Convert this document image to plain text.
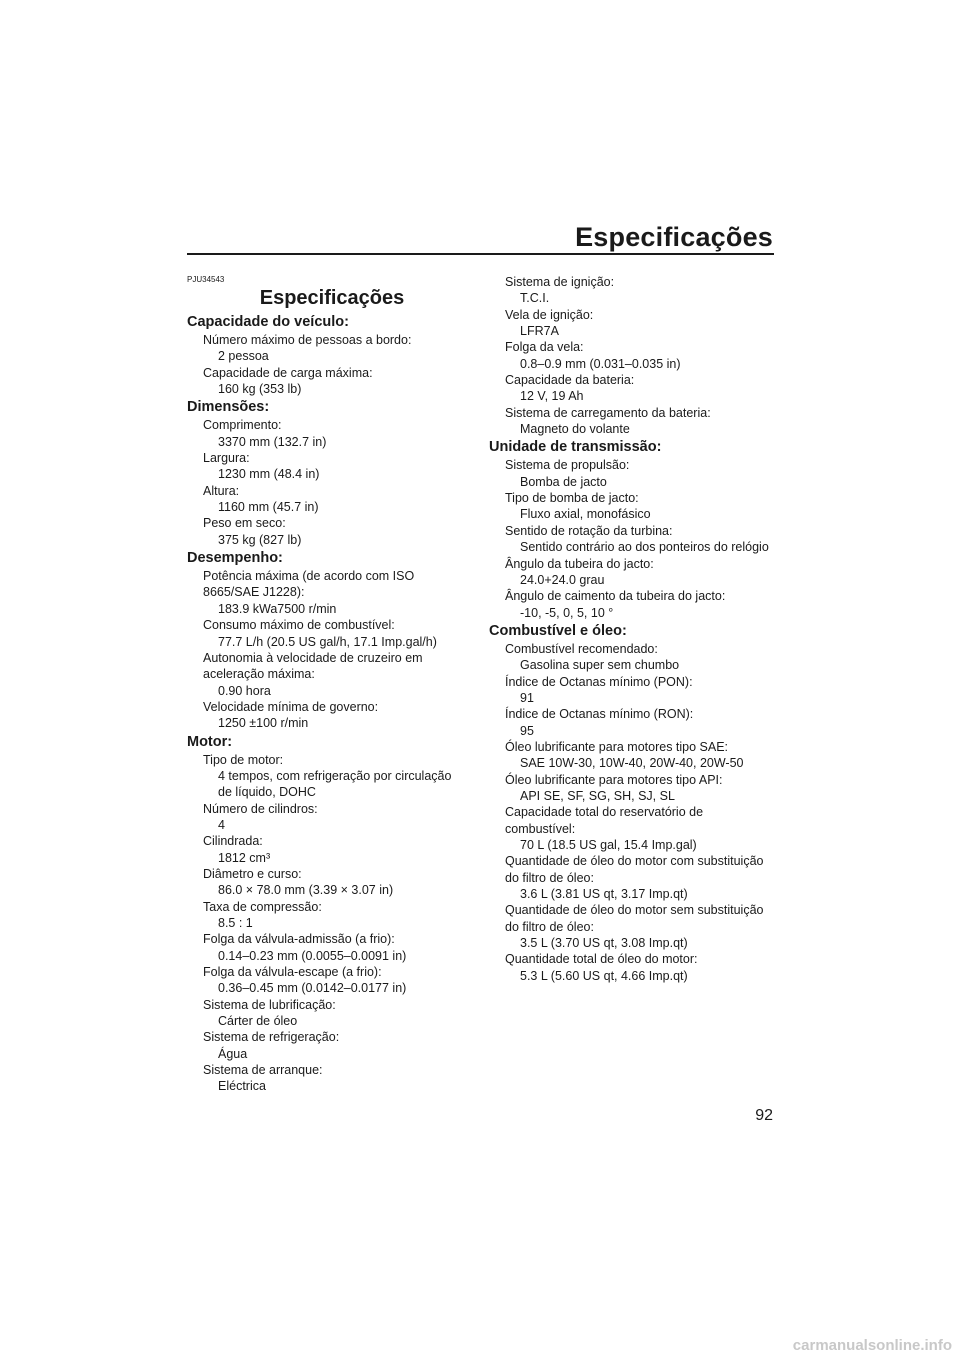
Especificações

PJU34543

Especificações
Capacidade do veículo:

Número máximo de pessoas a bordo:

2 pessoa

Capacidade de carga máxima:

160 kg (353 lb)

Dimensões:

Comprimento:

3370 mm (132.7 in)

Largura:

1230 mm (48.4 in)

Altura:

1160 mm (45.7 in)

Peso em seco:

375 kg (827 lb)

Desempenho:

Potência máxima (de acordo com ISO

8665/SAE J1228):

183.9 kWa7500 r/min

Consumo máximo de combustível:

77.7 L/h (20.5 US gal/h, 17.1 Imp.gal/h)

Autonomia à velocidade de cruzeiro em

aceleração máxima:

0.90 hora

Velocidade mínima de governo:

1250 ±100 r/min

Motor:

Tipo de motor:

4 tempos, com refrigeração por circulação

de líquido, DOHC

Número de cilindros:

4

Cilindrada:

1812 cm³

Diâmetro e curso:

86.0 × 78.0 mm (3.39 × 3.07 in)

Taxa de compressão:

8.5 : 1

Folga da válvula-admissão (a frio):

0.14–0.23 mm (0.0055–0.0091 in)

Folga da válvula-escape (a frio):

0.36–0.45 mm (0.0142–0.0177 in)

Sistema de lubrificação:

Cárter de óleo

Sistema de refrigeração:

Água

Sistema de arranque:

Eléctrica

Sistema de ignição:

T.C.I.

Vela de ignição:

LFR7A

Folga da vela:

0.8–0.9 mm (0.031–0.035 in)

Capacidade da bateria:

12 V, 19 Ah

Sistema de carregamento da bateria:

Magneto do volante

Unidade de transmissão:

Sistema de propulsão:

Bomba de jacto

Tipo de bomba de jacto:

Fluxo axial, monofásico

Sentido de rotação da turbina:

Sentido contrário ao dos ponteiros do relógio

Ângulo da tubeira do jacto:

24.0+24.0 grau

Ângulo de caimento da tubeira do jacto:

-10, -5, 0, 5, 10 °

Combustível e óleo:

Combustível recomendado:

Gasolina super sem chumbo

Índice de Octanas mínimo (PON):

91

Índice de Octanas mínimo (RON):

95

Óleo lubrificante para motores tipo SAE:

SAE 10W-30, 10W-40, 20W-40, 20W-50

Óleo lubrificante para motores tipo API:

API SE, SF, SG, SH, SJ, SL

Capacidade total do reservatório de

combustível:

70 L (18.5 US gal, 15.4 Imp.gal)

Quantidade de óleo do motor com substituição

do filtro de óleo:

3.6 L (3.81 US qt, 3.17 Imp.qt)

Quantidade de óleo do motor sem substituição

do filtro de óleo:

3.5 L (3.70 US qt, 3.08 Imp.qt)

Quantidade total de óleo do motor:

5.3 L (5.60 US qt, 4.66 Imp.qt)

92
carmanualsonline.info
